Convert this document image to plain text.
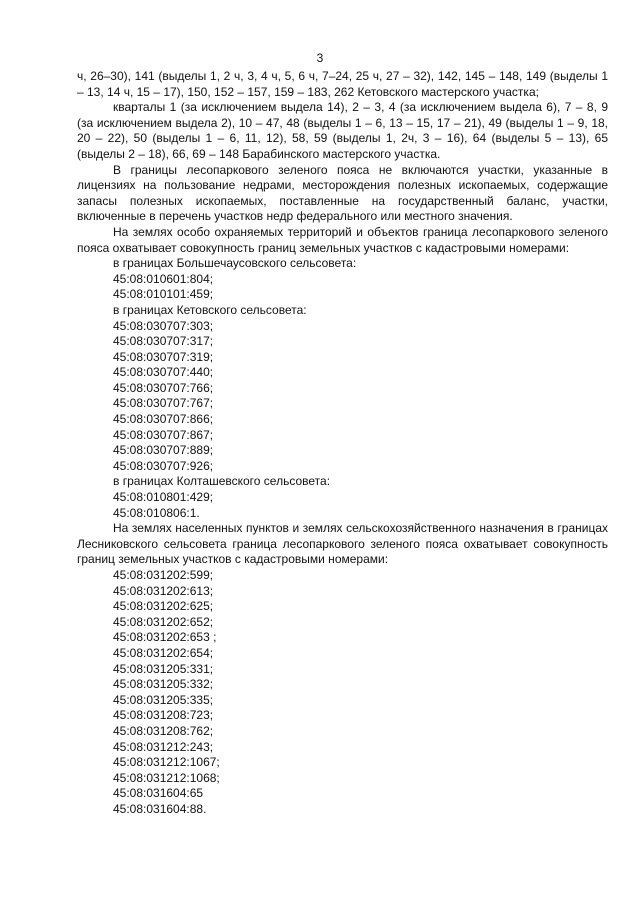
3

ч, 26–30), 141 (выделы 1, 2 ч, 3, 4 ч, 5, 6 ч, 7–24, 25 ч, 27 – 32), 142, 145 – 148, 149 (выделы 1 – 13, 14 ч, 15 – 17), 150, 152 – 157, 159 – 183, 262 Кетовского мастерского участка;

кварталы 1 (за исключением выдела 14), 2 – 3, 4 (за исключением выдела 6), 7 – 8, 9 (за исключением выдела 2), 10 – 47, 48 (выделы 1 – 6, 13 – 15, 17 – 21), 49 (выделы 1 – 9, 18, 20 – 22), 50 (выделы 1 – 6, 11, 12), 58, 59 (выделы 1, 2ч, 3 – 16), 64 (выделы 5 – 13), 65 (выделы 2 – 18), 66, 69 – 148 Барабинского мастерского участка.

В границы лесопаркового зеленого пояса не включаются участки, указанные в лицензиях на пользование недрами, месторождения полезных ископаемых, содержащие запасы полезных ископаемых, поставленные на государственный баланс, участки, включенные в перечень участков недр федерального или местного значения.

На землях особо охраняемых территорий и объектов граница лесопаркового зеленого пояса охватывает совокупность границ земельных участков с кадастровыми номерами:

в границах Большечаусовского сельсовета:

45:08:010601:804;

45:08:010101:459;

в границах Кетовского сельсовета:

45:08:030707:303;

45:08:030707:317;

45:08:030707:319;

45:08:030707:440;

45:08:030707:766;

45:08:030707:767;

45:08:030707:866;

45:08:030707:867;

45:08:030707:889;

45:08:030707:926;

в границах Колташевского сельсовета:

45:08:010801:429;

45:08:010806:1.

На землях населенных пунктов и землях сельскохозяйственного назначения в границах Лесниковского сельсовета граница лесопаркового зеленого пояса охватывает совокупность границ земельных участков с кадастровыми номерами:

45:08:031202:599;

45:08:031202:613;

45:08:031202:625;

45:08:031202:652;

45:08:031202:653 ;

45:08:031202:654;

45:08:031205:331;

45:08:031205:332;

45:08:031205:335;

45:08:031208:723;

45:08:031208:762;

45:08:031212:243;

45:08:031212:1067;

45:08:031212:1068;

45:08:031604:65

45:08:031604:88.
